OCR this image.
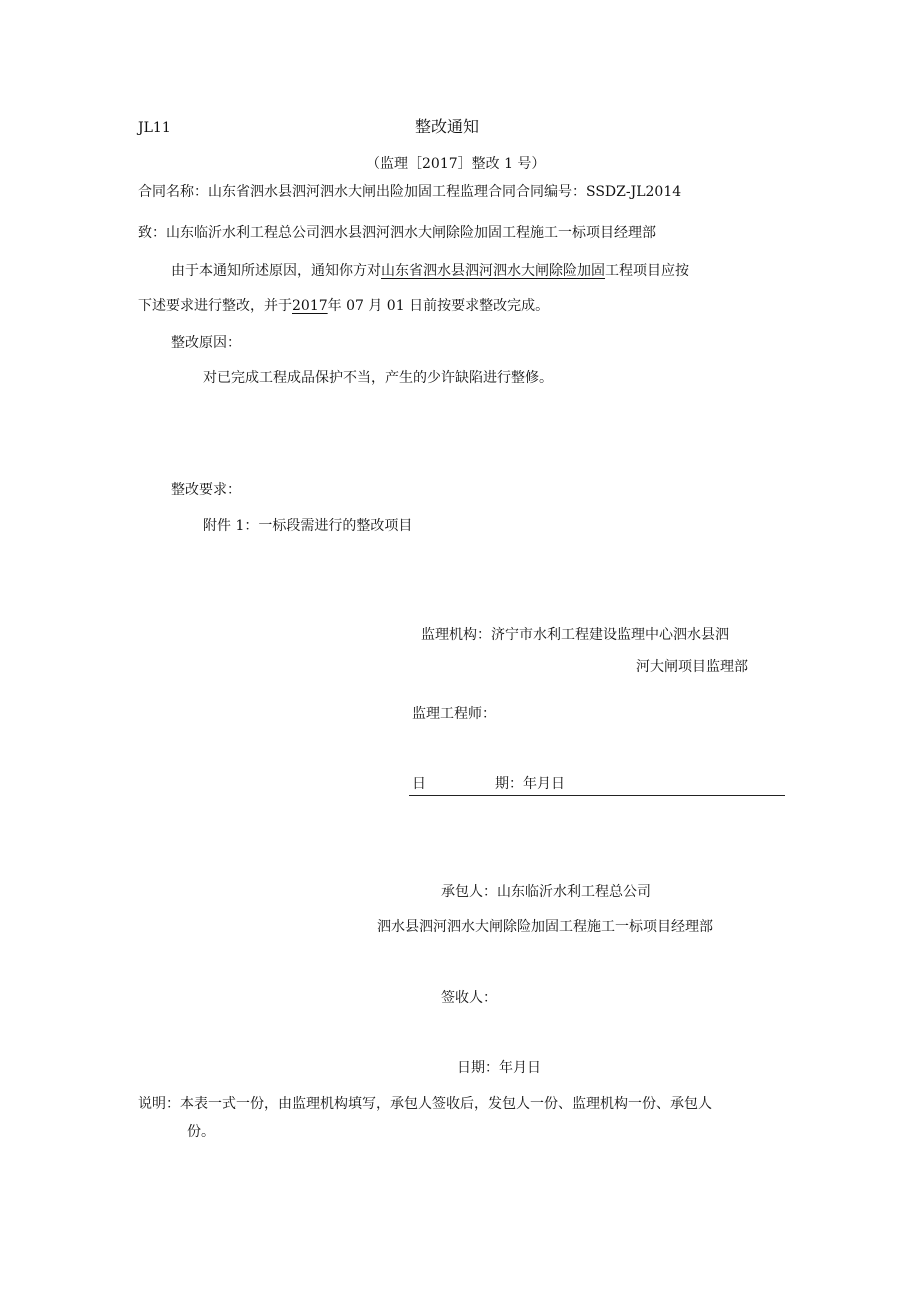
JL11	整改通知
（监理［2017］整改 1 号）
合同名称：山东省泗水县泗河泗水大闸出险加固工程监理合同合同编号：SSDZ-JL2014
致：山东临沂水利工程总公司泗水县泗河泗水大闸除险加固工程施工一标项目经理部
由于本通知所述原因，通知你方对山东省泗水县泗河泗水大闸除险加固工程项目应按
下述要求进行整改，并于2017年 07 月 01 日前按要求整改完成。
整改原因：
对已完成工程成品保护不当，产生的少许缺陷进行整修。
整改要求：
附件 1：一标段需进行的整改项目
监理机构：济宁市水利工程建设监理中心泗水县泗
河大闸项目监理部
监理工程师：
日	期：年月日
承包人：山东临沂水利工程总公司
泗水县泗河泗水大闸除险加固工程施工一标项目经理部
签收人：
日期：年月日
说明：本表一式一份，由监理机构填写，承包人签收后，发包人一份、监理机构一份、承包人
份。
